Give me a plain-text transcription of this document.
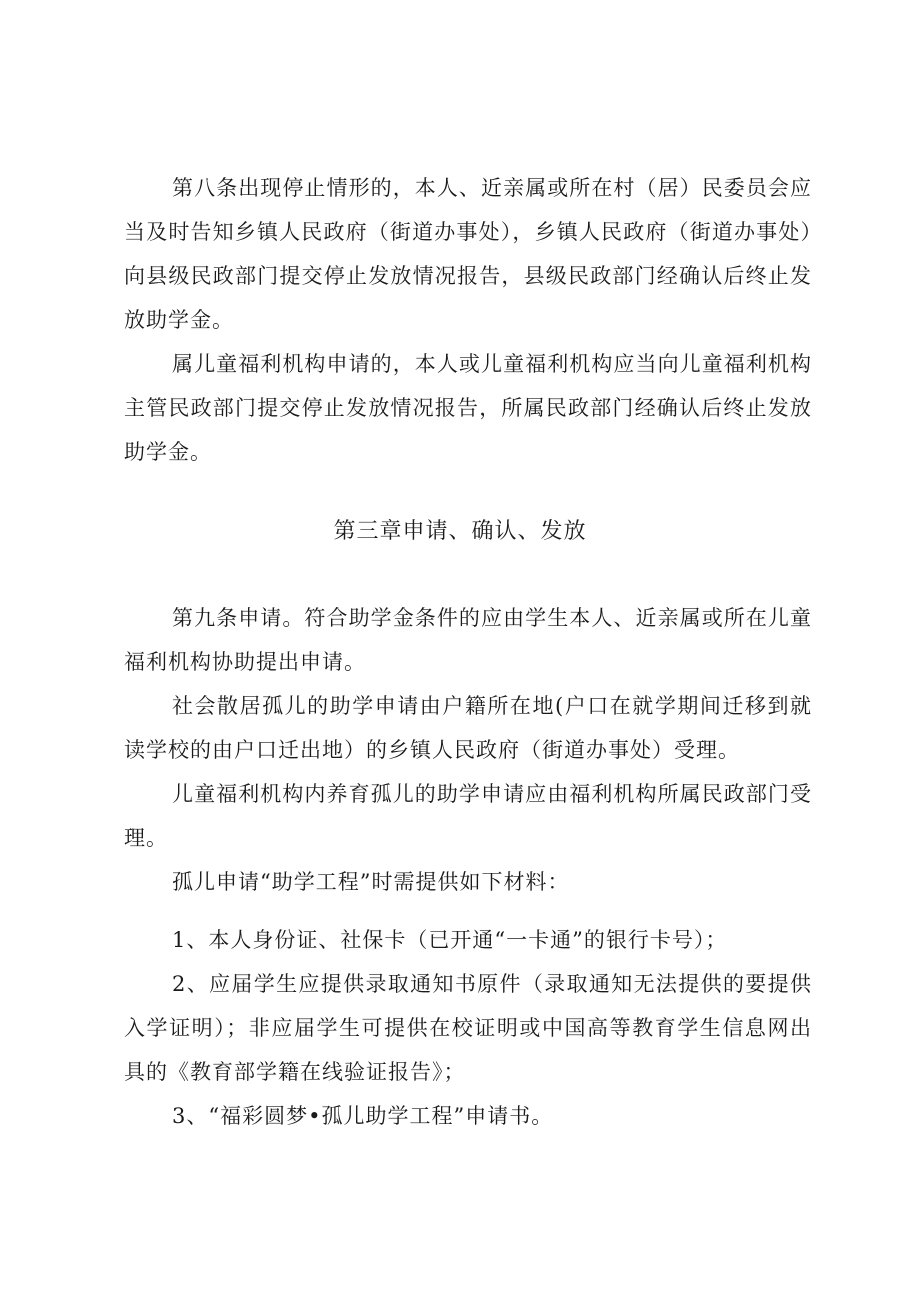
第八条出现停止情形的，本人、近亲属或所在村（居）民委员会应当及时告知乡镇人民政府（街道办事处），乡镇人民政府（街道办事处）向县级民政部门提交停止发放情况报告，县级民政部门经确认后终止发放助学金。

属儿童福利机构申请的，本人或儿童福利机构应当向儿童福利机构主管民政部门提交停止发放情况报告，所属民政部门经确认后终止发放助学金。

第三章申请、确认、发放

第九条申请。符合助学金条件的应由学生本人、近亲属或所在儿童福利机构协助提出申请。

社会散居孤儿的助学申请由户籍所在地(户口在就学期间迁移到就读学校的由户口迁出地）的乡镇人民政府（街道办事处）受理。

儿童福利机构内养育孤儿的助学申请应由福利机构所属民政部门受理。

孤儿申请“助学工程”时需提供如下材料：

1、本人身份证、社保卡（已开通“一卡通”的银行卡号）；

2、应届学生应提供录取通知书原件（录取通知无法提供的要提供入学证明）；非应届学生可提供在校证明或中国高等教育学生信息网出具的《教育部学籍在线验证报告》；

3、“福彩圆梦•孤儿助学工程”申请书。
